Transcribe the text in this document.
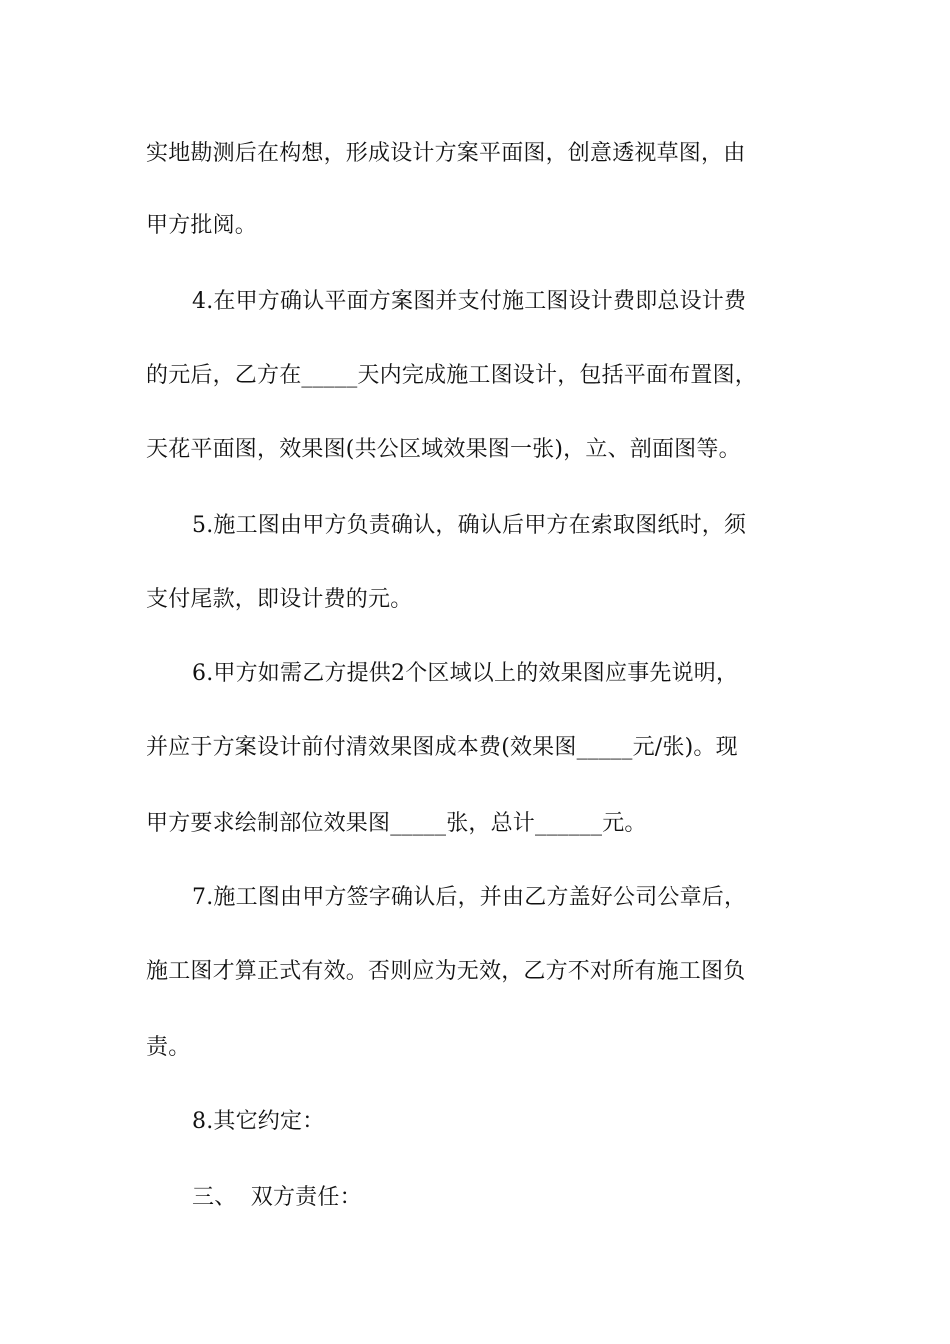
实地勘测后在构想，形成设计方案平面图，创意透视草图，由
甲方批阅。
4.在甲方确认平面方案图并支付施工图设计费即总设计费
的元后，乙方在_____天内完成施工图设计，包括平面布置图，
天花平面图，效果图(共公区域效果图一张)，立、剖面图等。
5.施工图由甲方负责确认，确认后甲方在索取图纸时，须
支付尾款，即设计费的元。
6.甲方如需乙方提供2个区域以上的效果图应事先说明，
并应于方案设计前付清效果图成本费(效果图_____元/张)。现
甲方要求绘制部位效果图_____张，总计______元。
7.施工图由甲方签字确认后，并由乙方盖好公司公章后，
施工图才算正式有效。否则应为无效，乙方不对所有施工图负
责。
8.其它约定：
三、  双方责任：
